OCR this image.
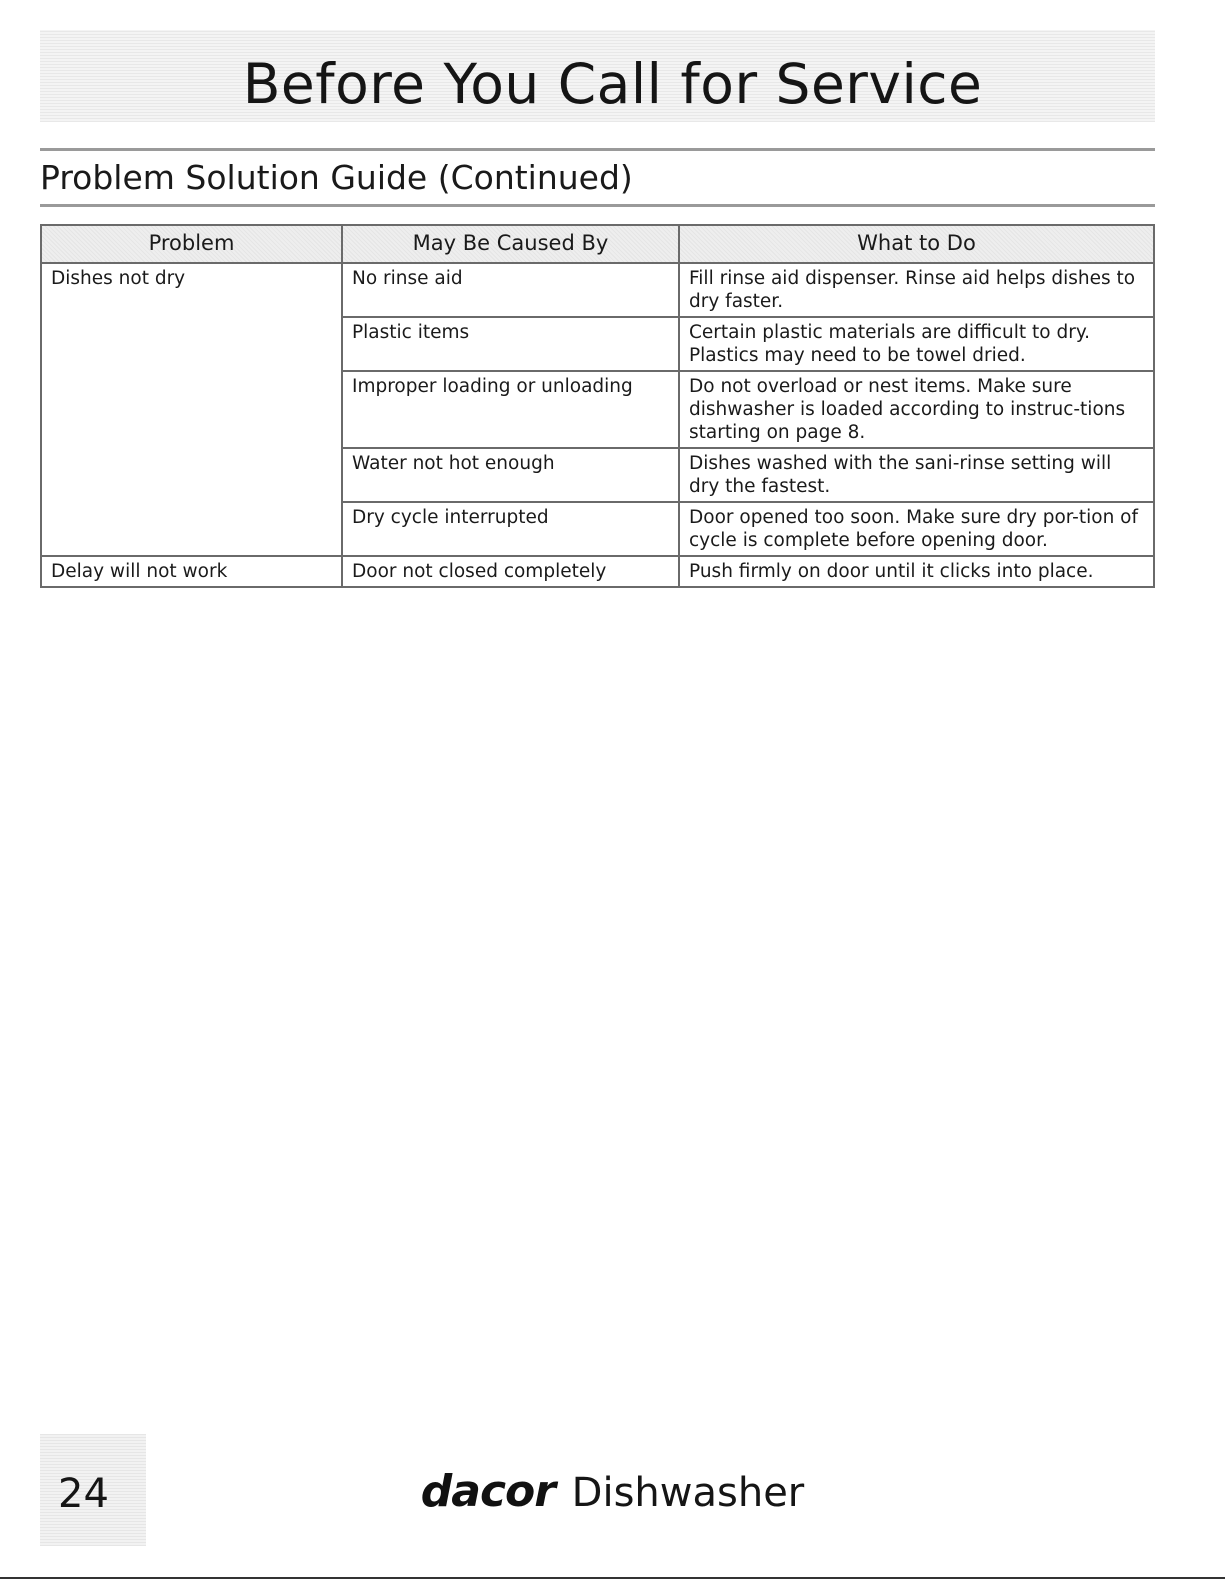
Before You Call for Service
Problem Solution Guide (Continued)
Problem	May Be Caused By	What to Do
Dishes not dry	No rinse aid	Fill rinse aid dispenser. Rinse aid helps dishes to dry faster.
	Plastic items	Certain plastic materials are difficult to dry. Plastics may need to be towel dried.
	Improper loading or unloading	Do not overload or nest items. Make sure dishwasher is loaded according to instruc-tions starting on page 8.
	Water not hot enough	Dishes washed with the sani-rinse setting will dry the fastest.
	Dry cycle interrupted	Door opened too soon. Make sure dry por-tion of cycle is complete before opening door.
Delay will not work	Door not closed completely	Push firmly on door until it clicks into place.
24	dacor Dishwasher
